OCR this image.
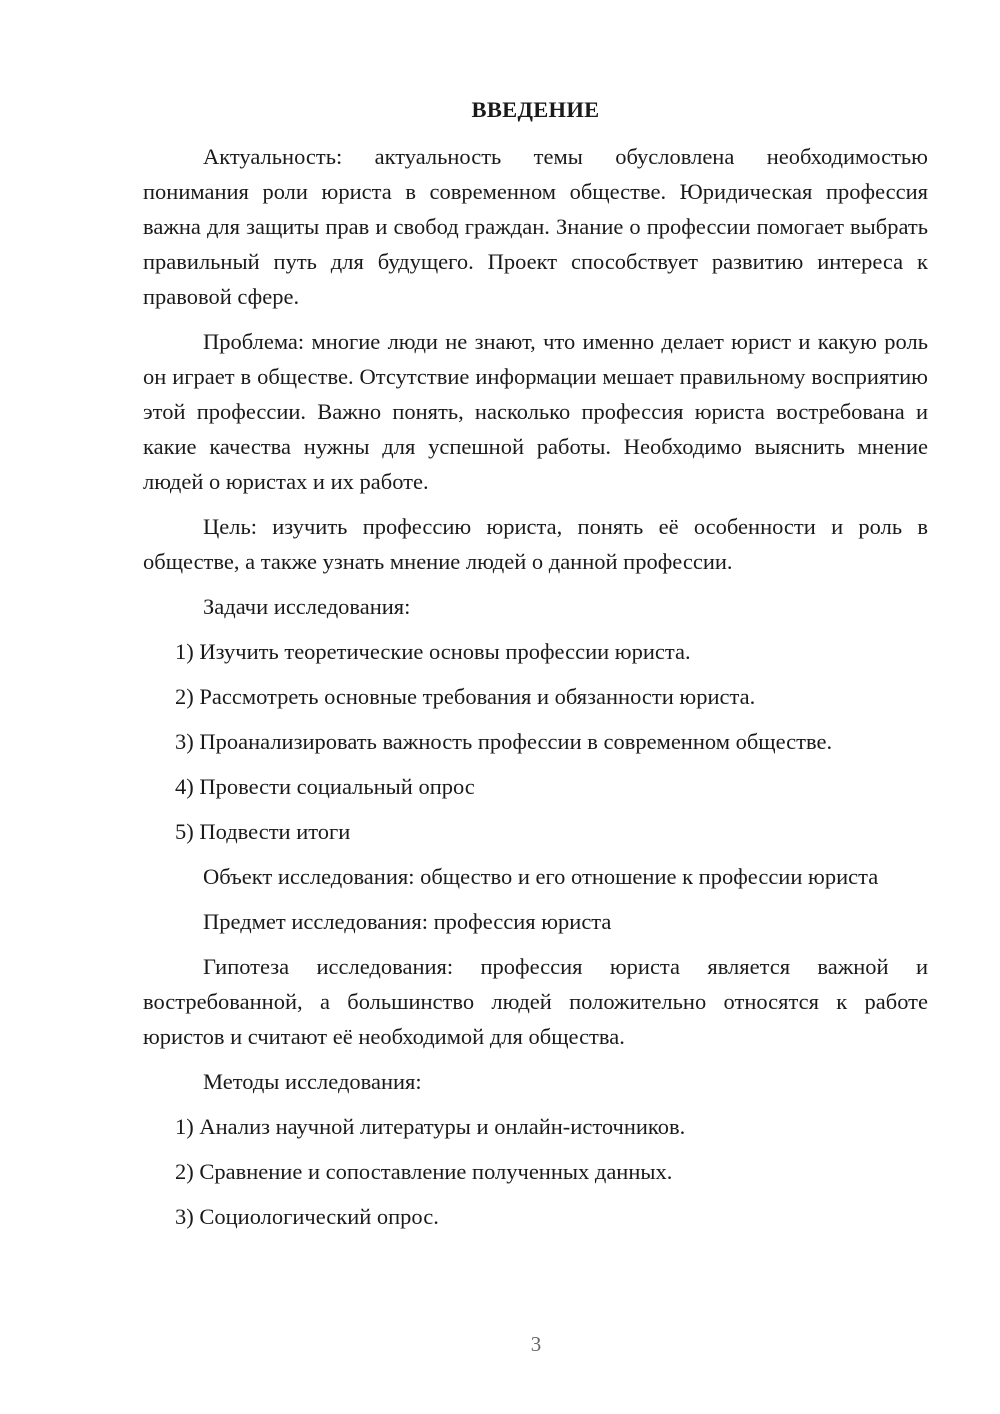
ВВЕДЕНИЕ

Актуальность: актуальность темы обусловлена необходимостью понимания роли юриста в современном обществе. Юридическая профессия важна для защиты прав и свобод граждан. Знание о профессии помогает выбрать правильный путь для будущего. Проект способствует развитию интереса к правовой сфере.

Проблема: многие люди не знают, что именно делает юрист и какую роль он играет в обществе. Отсутствие информации мешает правильному восприятию этой профессии. Важно понять, насколько профессия юриста востребована и какие качества нужны для успешной работы. Необходимо выяснить мнение людей о юристах и их работе.

Цель: изучить профессию юриста, понять её особенности и роль в обществе, а также узнать мнение людей о данной профессии.

Задачи исследования:

1) Изучить теоретические основы профессии юриста.

2) Рассмотреть основные требования и обязанности юриста.

3) Проанализировать важность профессии в современном обществе.

4) Провести социальный опрос

5) Подвести итоги

Объект исследования: общество и его отношение к профессии юриста

Предмет исследования: профессия юриста

Гипотеза исследования: профессия юриста является важной и востребованной, а большинство людей положительно относятся к работе юристов и считают её необходимой для общества.

Методы исследования:

1) Анализ научной литературы и онлайн-источников.

2) Сравнение и сопоставление полученных данных.

3) Социологический опрос.

3
